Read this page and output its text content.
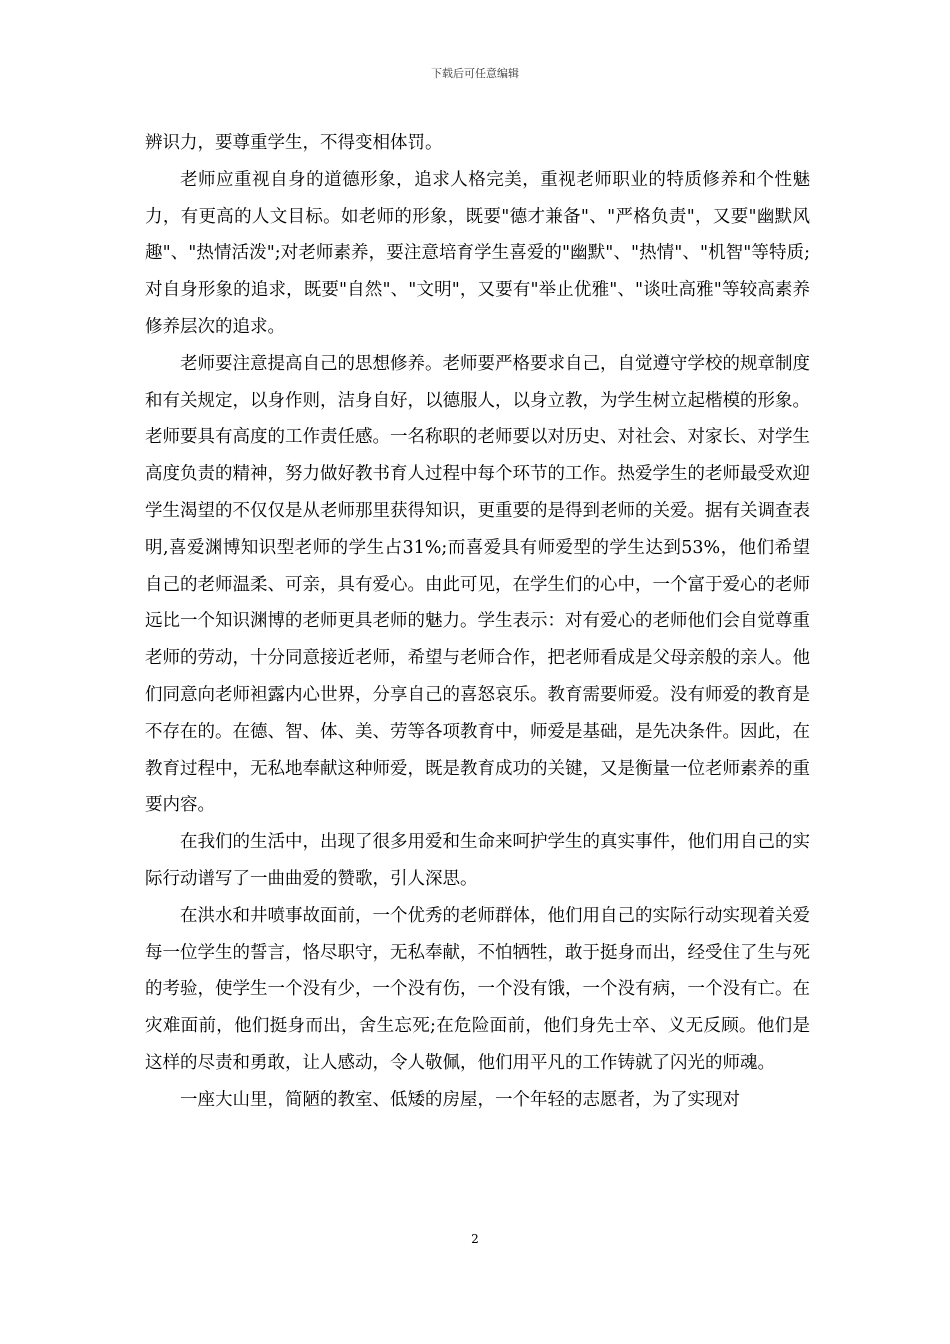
下载后可任意编辑

辨识力，要尊重学生，不得变相体罚。

老师应重视自身的道德形象，追求人格完美，重视老师职业的特质修养和个性魅力，有更高的人文目标。如老师的形象，既要"德才兼备"、"严格负责"，又要"幽默风趣"、"热情活泼";对老师素养，要注意培育学生喜爱的"幽默"、"热情"、"机智"等特质;对自身形象的追求，既要"自然"、"文明"，又要有"举止优雅"、"谈吐高雅"等较高素养修养层次的追求。

老师要注意提高自己的思想修养。老师要严格要求自己，自觉遵守学校的规章制度和有关规定，以身作则，洁身自好，以德服人，以身立教，为学生树立起楷模的形象。老师要具有高度的工作责任感。一名称职的老师要以对历史、对社会、对家长、对学生高度负责的精神，努力做好教书育人过程中每个环节的工作。热爱学生的老师最受欢迎学生渴望的不仅仅是从老师那里获得知识，更重要的是得到老师的关爱。据有关调查表明,喜爱渊博知识型老师的学生占31%;而喜爱具有师爱型的学生达到53%，他们希望自己的老师温柔、可亲，具有爱心。由此可见，在学生们的心中，一个富于爱心的老师远比一个知识渊博的老师更具老师的魅力。学生表示：对有爱心的老师他们会自觉尊重老师的劳动，十分同意接近老师，希望与老师合作，把老师看成是父母亲般的亲人。他们同意向老师袒露内心世界，分享自己的喜怒哀乐。教育需要师爱。没有师爱的教育是不存在的。在德、智、体、美、劳等各项教育中，师爱是基础，是先决条件。因此，在教育过程中，无私地奉献这种师爱，既是教育成功的关键，又是衡量一位老师素养的重要内容。

在我们的生活中，出现了很多用爱和生命来呵护学生的真实事件，他们用自己的实际行动谱写了一曲曲爱的赞歌，引人深思。

在洪水和井喷事故面前，一个优秀的老师群体，他们用自己的实际行动实现着关爱每一位学生的誓言，恪尽职守，无私奉献，不怕牺牲，敢于挺身而出，经受住了生与死的考验，使学生一个没有少，一个没有伤，一个没有饿，一个没有病，一个没有亡。在灾难面前，他们挺身而出，舍生忘死;在危险面前，他们身先士卒、义无反顾。他们是这样的尽责和勇敢，让人感动，令人敬佩，他们用平凡的工作铸就了闪光的师魂。

一座大山里，简陋的教室、低矮的房屋，一个年轻的志愿者，为了实现对

2
